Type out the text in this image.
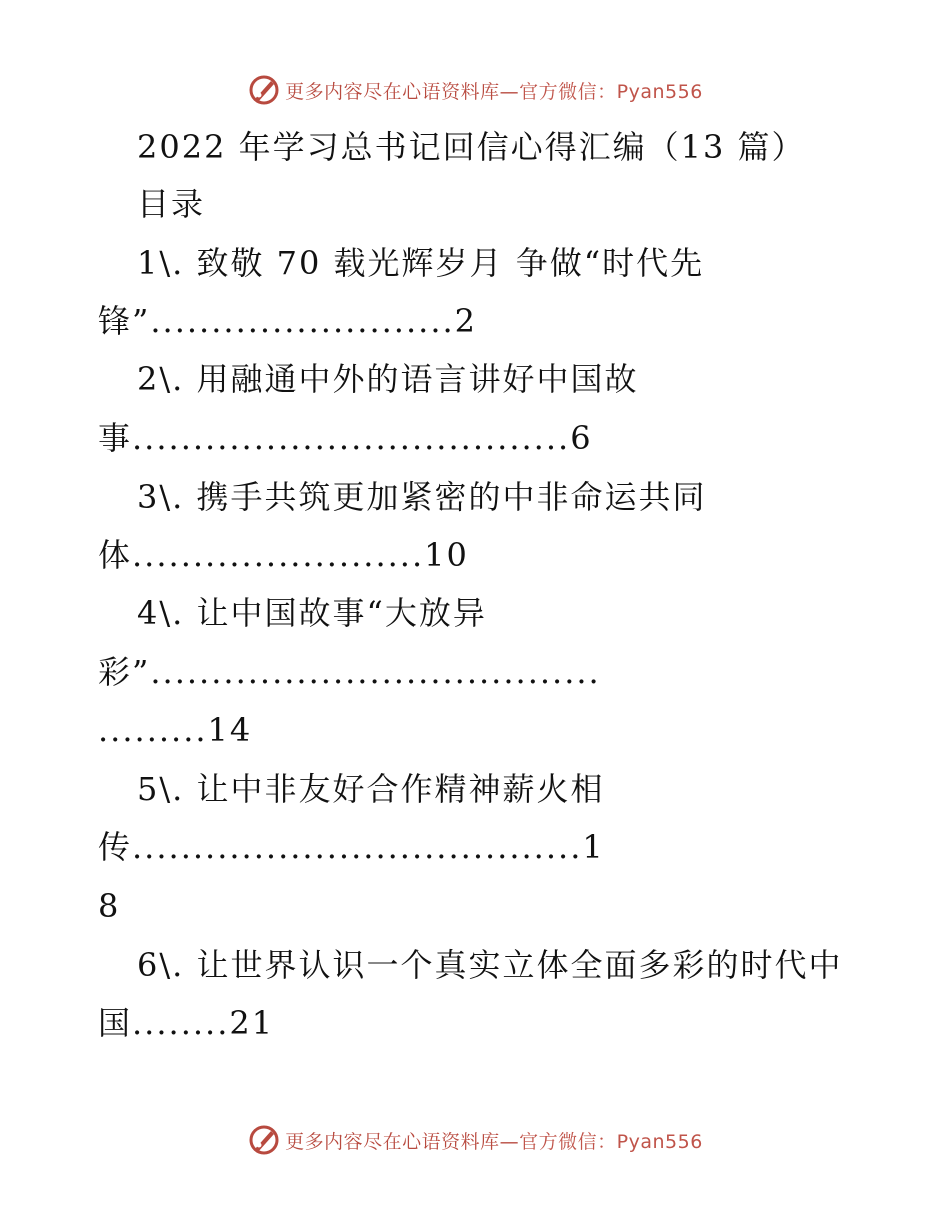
更多内容尽在心语资料库—官方微信：Pyan556
2022 年学习总书记回信心得汇编（13 篇）
目录
1\. 致敬 70 载光辉岁月 争做“时代先
锋”.........................2
2\. 用融通中外的语言讲好中国故
事....................................6
3\. 携手共筑更加紧密的中非命运共同
体........................10
4\. 让中国故事“大放异
彩”.....................................
.........14
5\. 让中非友好合作精神薪火相
传.....................................1
8
6\. 让世界认识一个真实立体全面多彩的时代中
国........21
更多内容尽在心语资料库—官方微信：Pyan556
